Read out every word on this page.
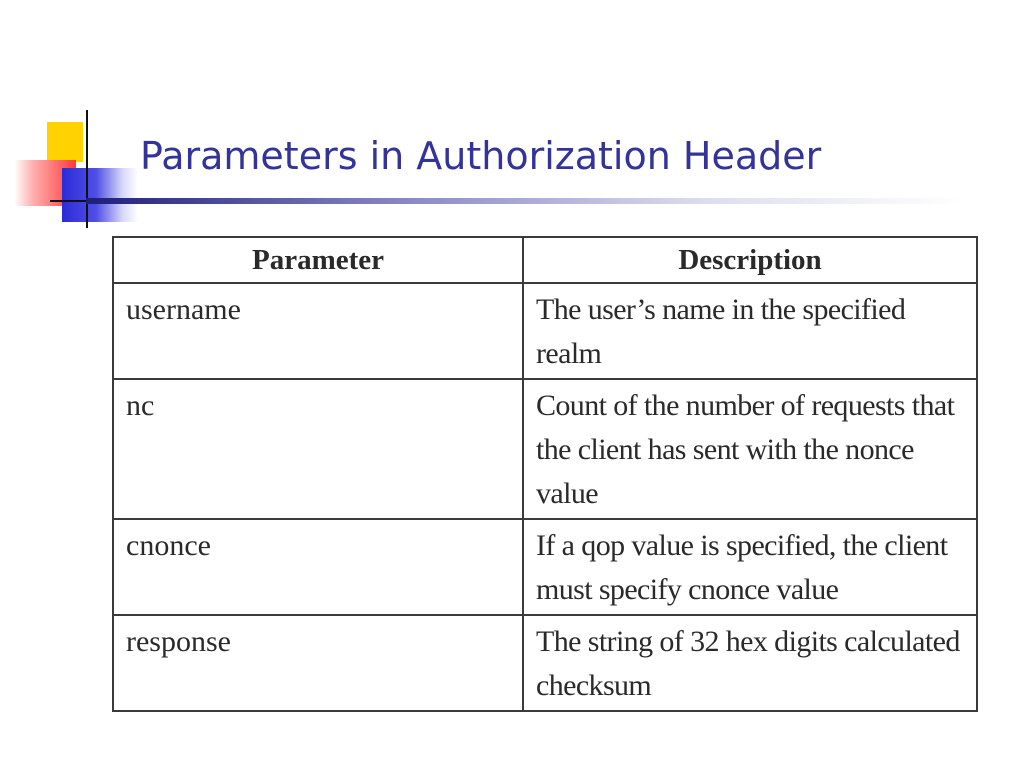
Parameters in Authorization Header
Parameter	Description
username	The user’s name in the specified realm
nc	Count of the number of requests that the client has sent with the nonce value
cnonce	If a qop value is specified, the client must specify cnonce value
response	The string of 32 hex digits calculated checksum
